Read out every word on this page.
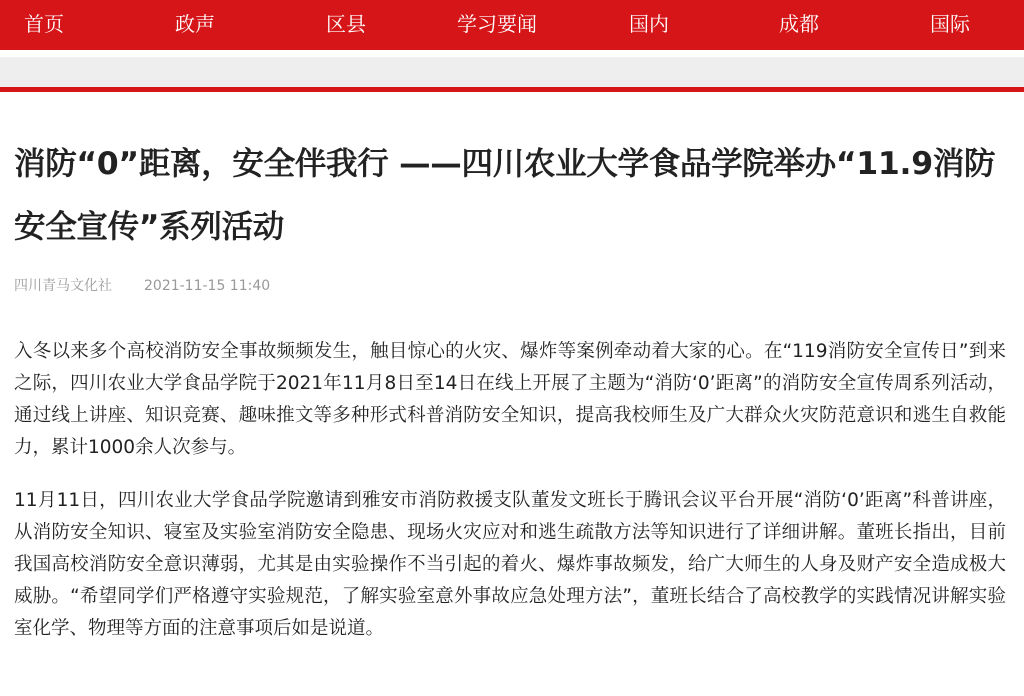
首页	政声	区县	学习要闻	国内	成都	国际
消防“0”距离，安全伴我行 ——四川农业大学食品学院举办“11.9消防安全宣传”系列活动
四川青马文化社 2021-11-15 11:40

入冬以来多个高校消防安全事故频频发生，触目惊心的火灾、爆炸等案例牵动着大家的心。在“119消防安全宣传日”到来之际，四川农业大学食品学院于2021年11月8日至14日在线上开展了主题为“消防‘0’距离”的消防安全宣传周系列活动，通过线上讲座、知识竞赛、趣味推文等多种形式科普消防安全知识，提高我校师生及广大群众火灾防范意识和逃生自救能力，累计1000余人次参与。

11月11日，四川农业大学食品学院邀请到雅安市消防救援支队董发文班长于腾讯会议平台开展“消防‘0’距离”科普讲座，从消防安全知识、寝室及实验室消防安全隐患、现场火灾应对和逃生疏散方法等知识进行了详细讲解。董班长指出，目前我国高校消防安全意识薄弱，尤其是由实验操作不当引起的着火、爆炸事故频发，给广大师生的人身及财产安全造成极大威胁。“希望同学们严格遵守实验规范，了解实验室意外事故应急处理方法”，董班长结合了高校教学的实践情况讲解实验室化学、物理等方面的注意事项后如是说道。
